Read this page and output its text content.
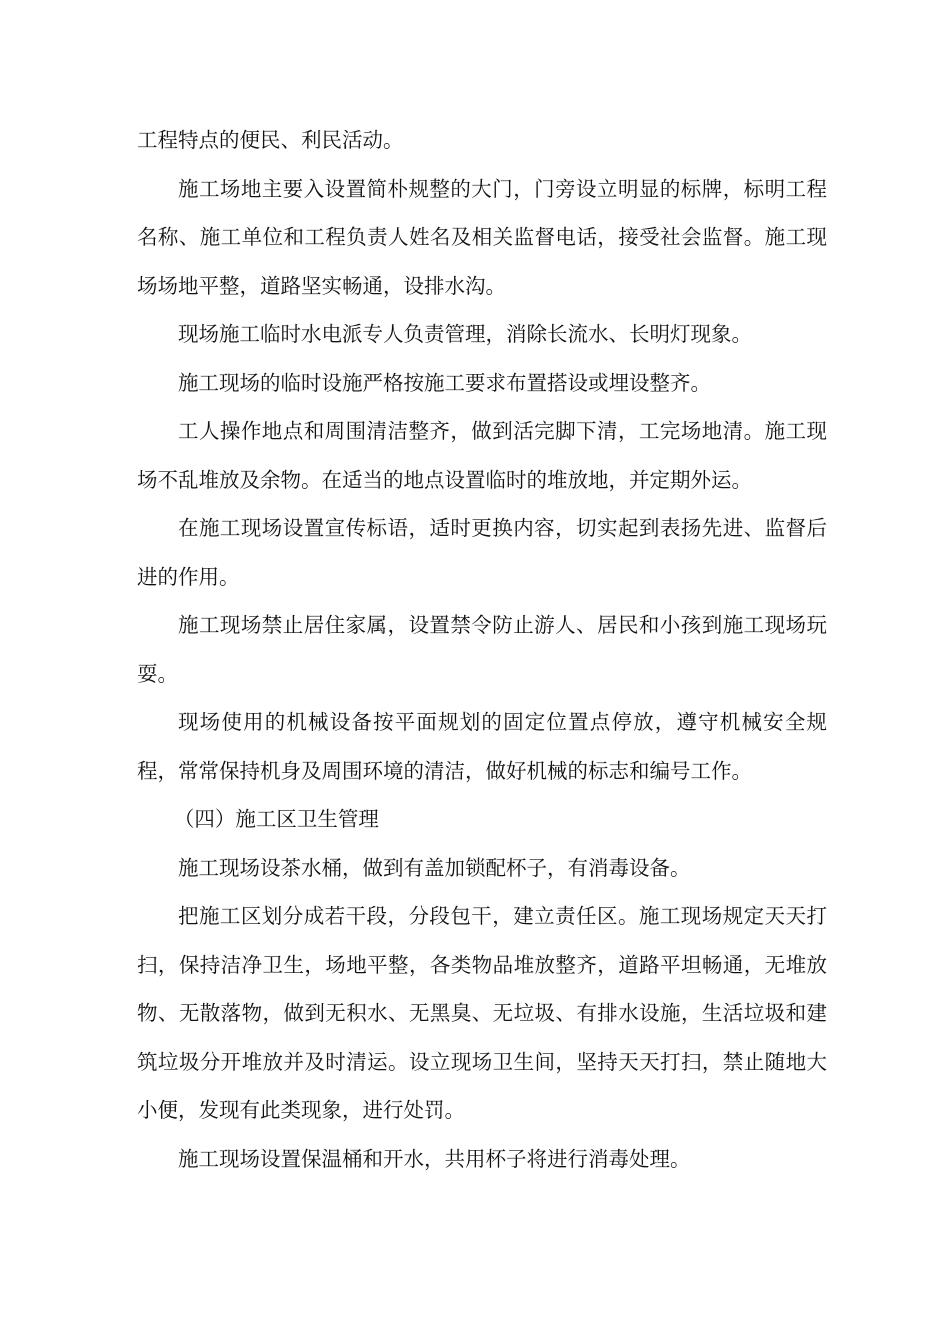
工程特点的便民、利民活动。

施工场地主要入设置简朴规整的大门，门旁设立明显的标牌，标明工程名称、施工单位和工程负责人姓名及相关监督电话，接受社会监督。施工现场场地平整，道路坚实畅通，设排水沟。

现场施工临时水电派专人负责管理，消除长流水、长明灯现象。

施工现场的临时设施严格按施工要求布置搭设或埋设整齐。

工人操作地点和周围清洁整齐，做到活完脚下清，工完场地清。施工现场不乱堆放及余物。在适当的地点设置临时的堆放地，并定期外运。

在施工现场设置宣传标语，适时更换内容，切实起到表扬先进、监督后进的作用。

施工现场禁止居住家属，设置禁令防止游人、居民和小孩到施工现场玩耍。

现场使用的机械设备按平面规划的固定位置点停放，遵守机械安全规程，常常保持机身及周围环境的清洁，做好机械的标志和编号工作。

（四）施工区卫生管理

施工现场设茶水桶，做到有盖加锁配杯子，有消毒设备。

把施工区划分成若干段，分段包干，建立责任区。施工现场规定天天打扫，保持洁净卫生，场地平整，各类物品堆放整齐，道路平坦畅通，无堆放物、无散落物，做到无积水、无黑臭、无垃圾、有排水设施，生活垃圾和建筑垃圾分开堆放并及时清运。设立现场卫生间，坚持天天打扫，禁止随地大小便，发现有此类现象，进行处罚。

施工现场设置保温桶和开水，共用杯子将进行消毒处理。
